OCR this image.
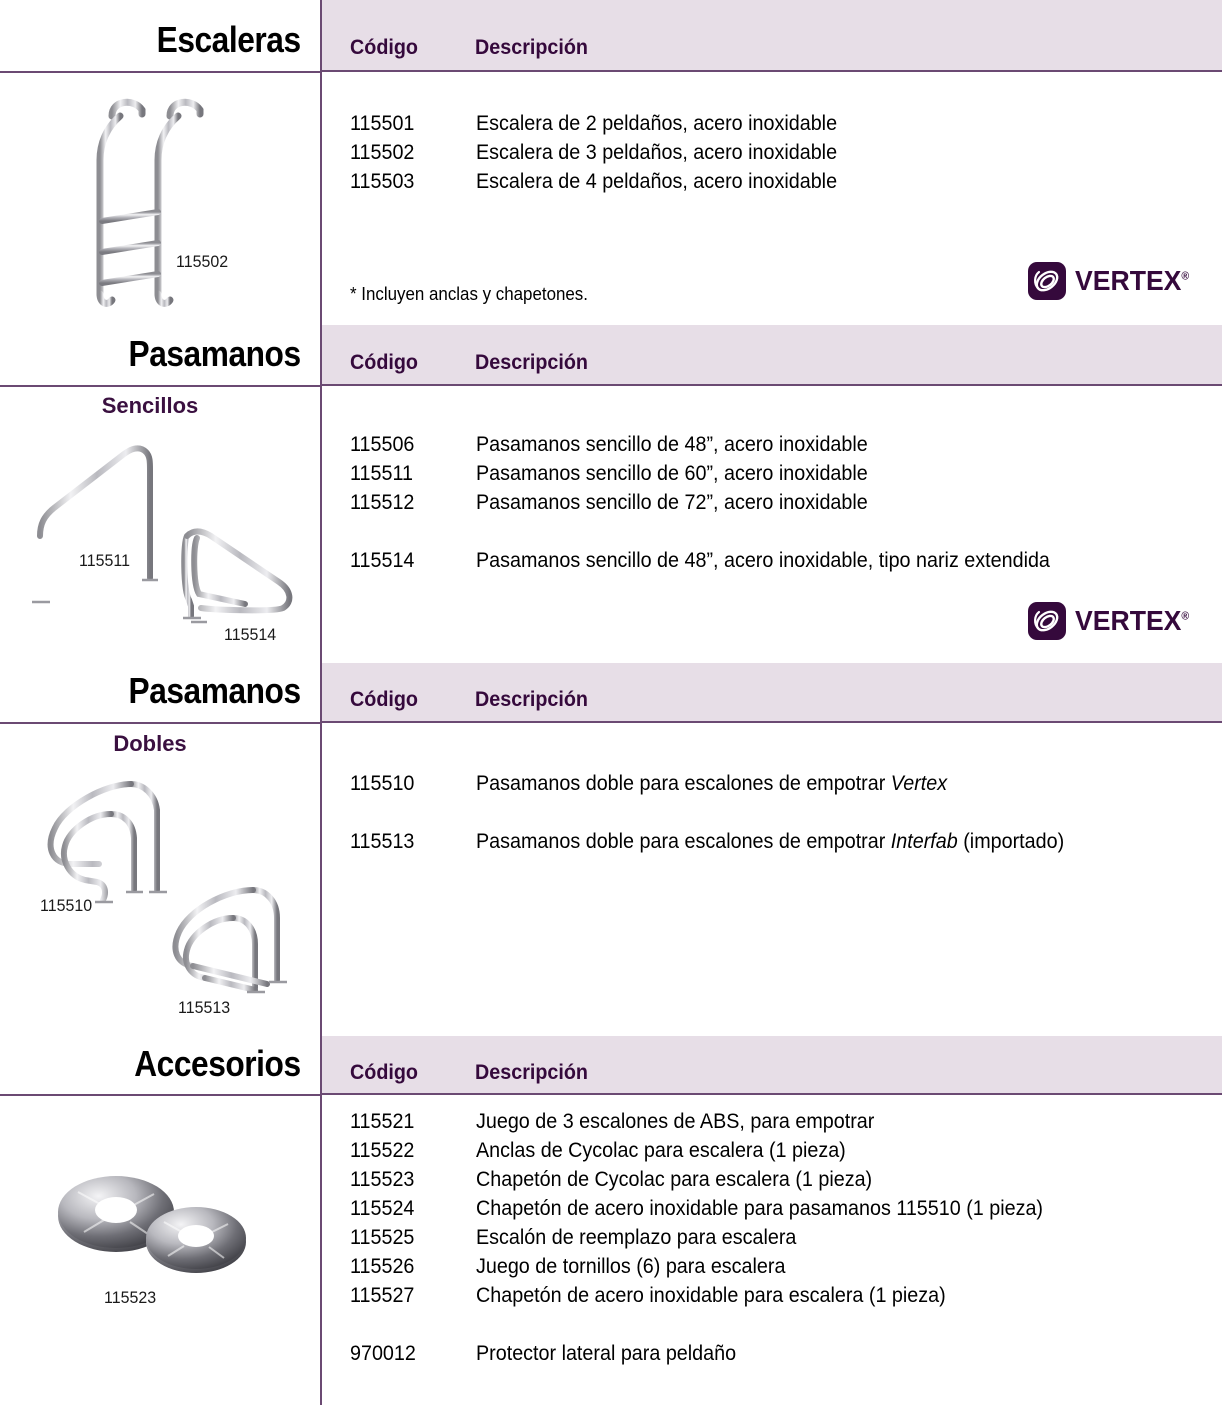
Escaleras
115502
Código	Descripción
115501	Escalera de 2 peldaños, acero inoxidable
115502	Escalera de 3 peldaños, acero inoxidable
115503	Escalera de 4 peldaños, acero inoxidable
* Incluyen anclas y chapetones.	VERTEX®
Pasamanos
Sencillos
115511
115514
Código	Descripción
115506	Pasamanos sencillo de 48”, acero inoxidable
115511	Pasamanos sencillo de 60”, acero inoxidable
115512	Pasamanos sencillo de 72”, acero inoxidable
115514	Pasamanos sencillo de 48”, acero inoxidable, tipo nariz extendida
VERTEX®
Pasamanos
Dobles
115510
115513
Código	Descripción
115510	Pasamanos doble para escalones de empotrar Vertex
115513	Pasamanos doble para escalones de empotrar Interfab (importado)
Accesorios
115523
Código	Descripción
115521	Juego de 3 escalones de ABS, para empotrar
115522	Anclas de Cycolac para escalera (1 pieza)
115523	Chapetón de Cycolac para escalera (1 pieza)
115524	Chapetón de acero inoxidable para pasamanos 115510 (1 pieza)
115525	Escalón de reemplazo para escalera
115526	Juego de tornillos (6) para escalera
115527	Chapetón de acero inoxidable para escalera (1 pieza)
970012	Protector lateral para peldaño
